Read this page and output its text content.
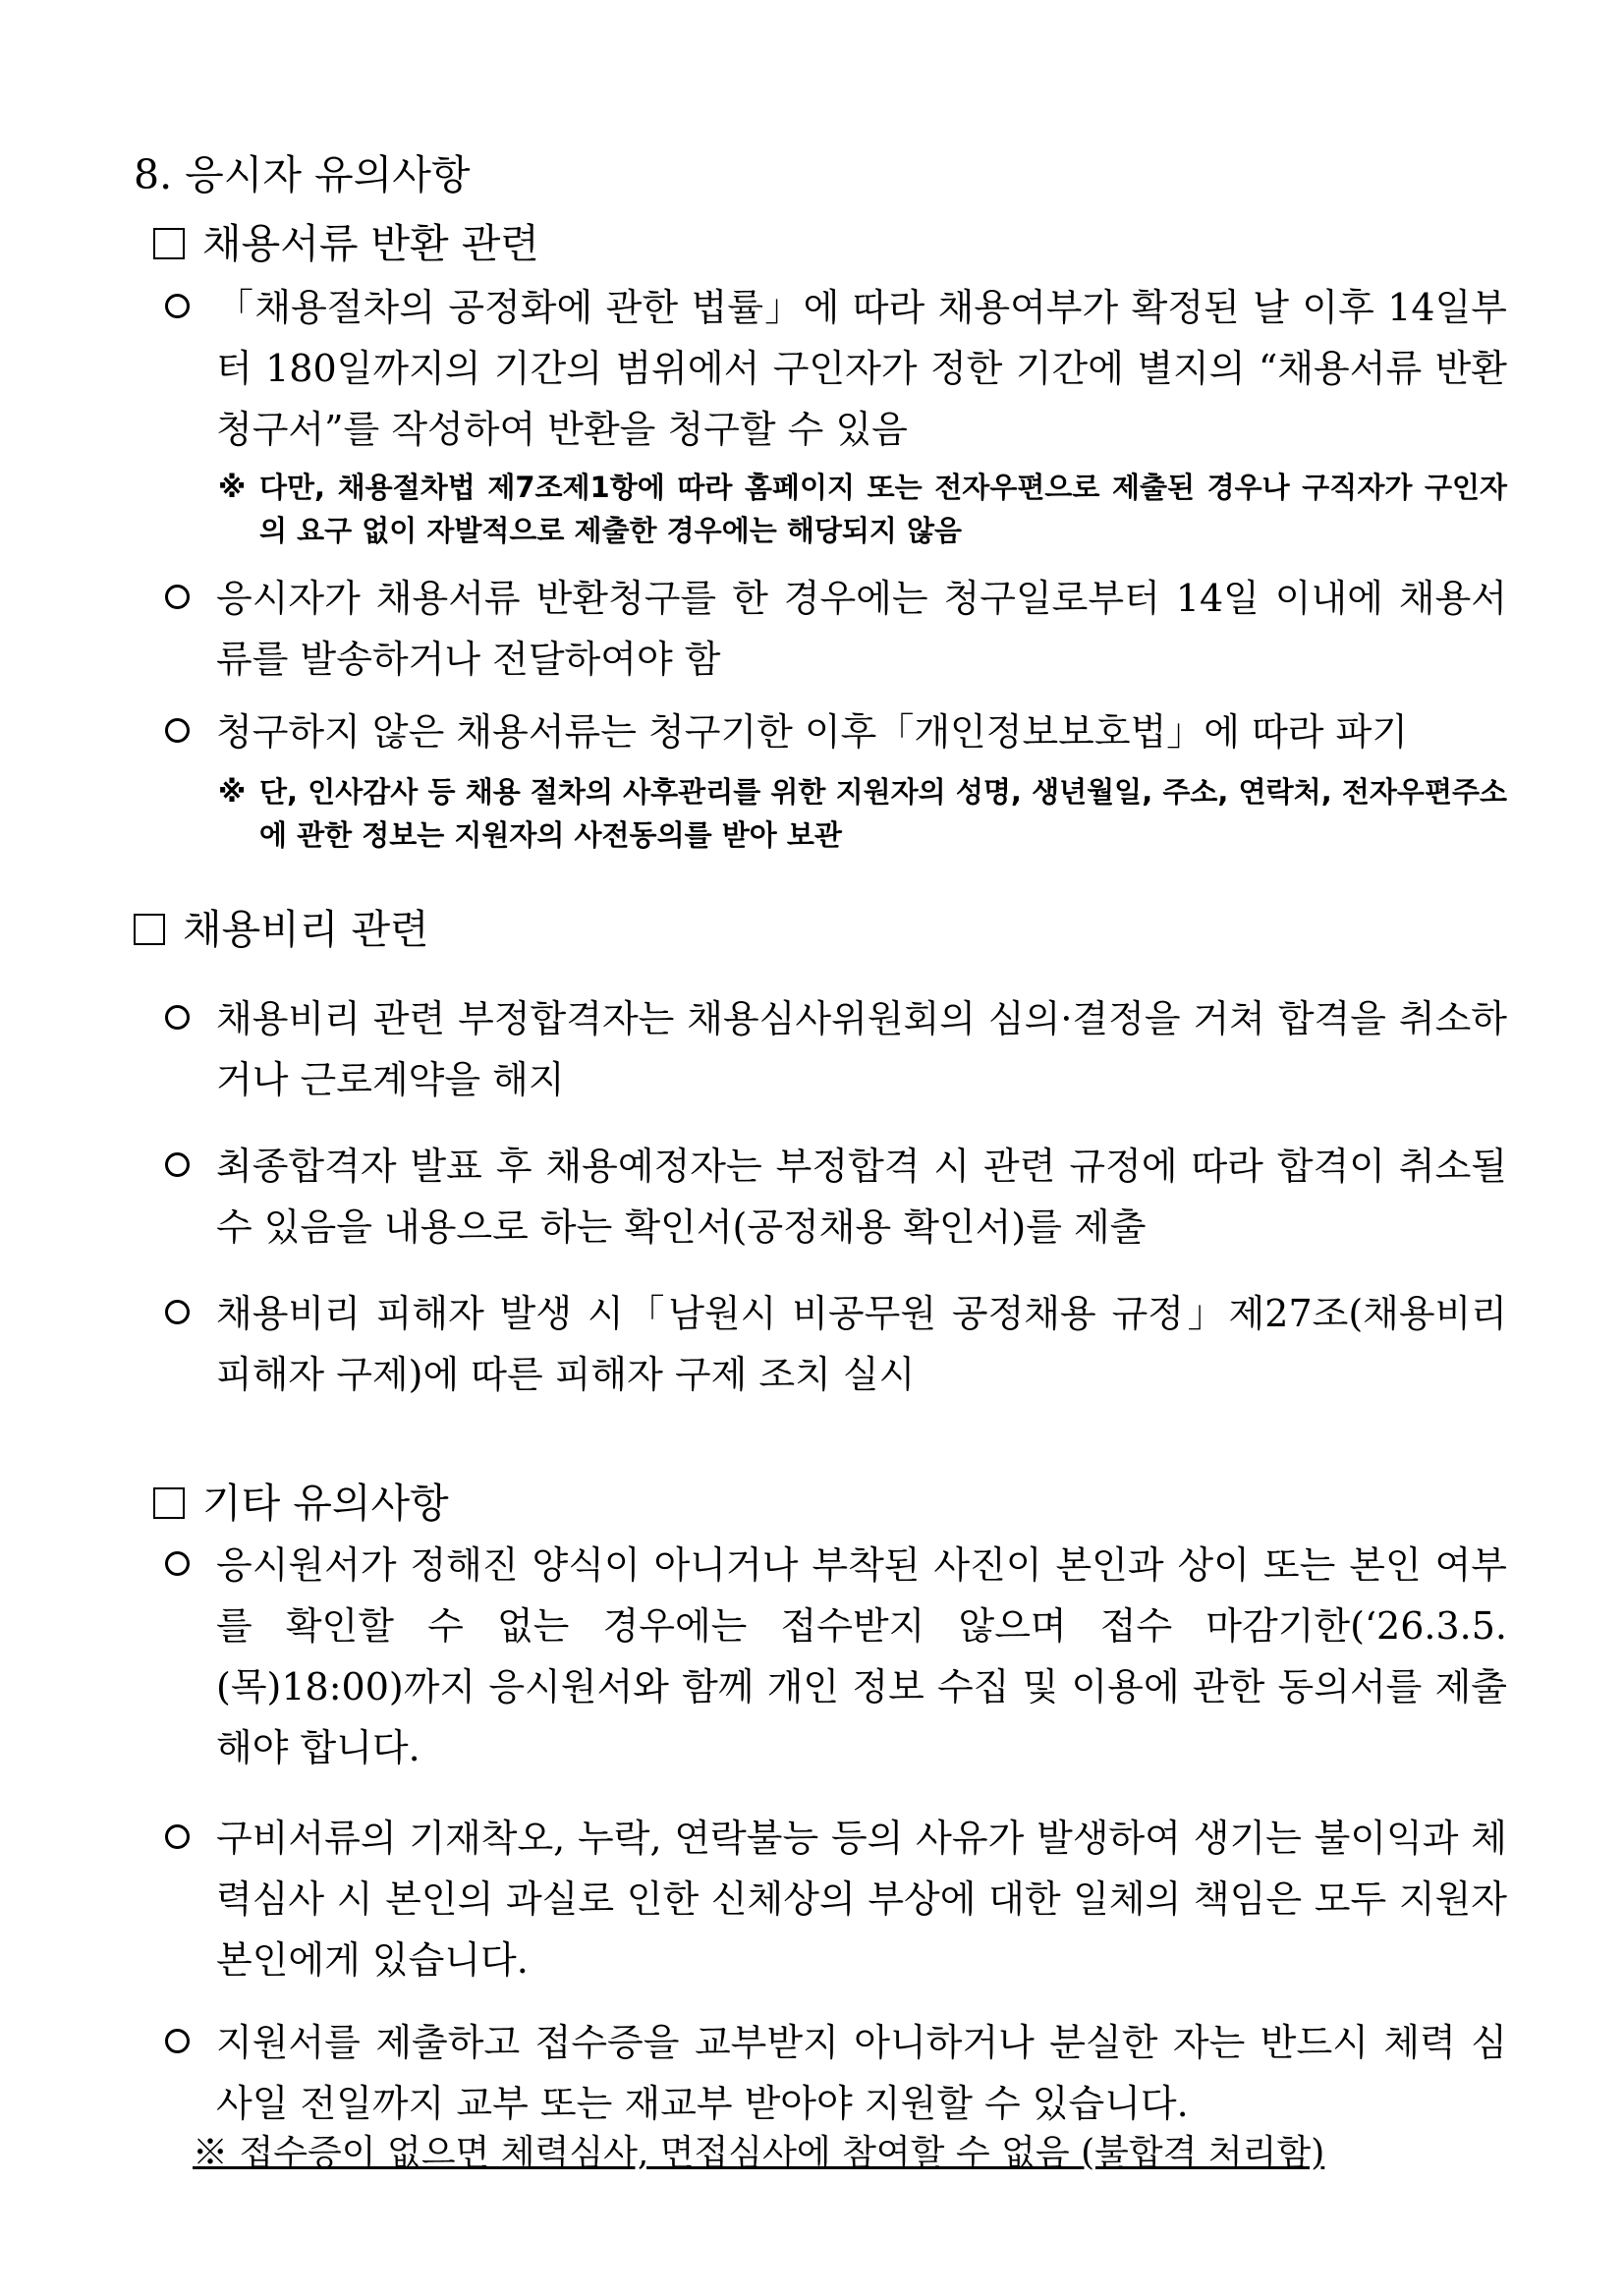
8. 응시자 유의사항
채용서류 반환 관련
「채용절차의 공정화에 관한 법률」에 따라 채용여부가 확정된 날 이후 14일부터 180일까지의 기간의 범위에서 구인자가 정한 기간에 별지의 “채용서류 반환청구서”를 작성하여 반환을 청구할 수 있음
※ 다만, 채용절차법 제7조제1항에 따라 홈페이지 또는 전자우편으로 제출된 경우나 구직자가 구인자의 요구 없이 자발적으로 제출한 경우에는 해당되지 않음
응시자가 채용서류 반환청구를 한 경우에는 청구일로부터 14일 이내에 채용서류를 발송하거나 전달하여야 함
청구하지 않은 채용서류는 청구기한 이후「개인정보보호법」에 따라 파기
※ 단, 인사감사 등 채용 절차의 사후관리를 위한 지원자의 성명, 생년월일, 주소, 연락처, 전자우편주소에 관한 정보는 지원자의 사전동의를 받아 보관
채용비리 관련
채용비리 관련 부정합격자는 채용심사위원회의 심의·결정을 거쳐 합격을 취소하거나 근로계약을 해지
최종합격자 발표 후 채용예정자는 부정합격 시 관련 규정에 따라 합격이 취소될 수 있음을 내용으로 하는 확인서(공정채용 확인서)를 제출
채용비리 피해자 발생 시「남원시 비공무원 공정채용 규정」제27조(채용비리 피해자 구제)에 따른 피해자 구제 조치 실시
기타 유의사항
응시원서가 정해진 양식이 아니거나 부착된 사진이 본인과 상이 또는 본인 여부를 확인할 수 없는 경우에는 접수받지 않으며 접수 마감기한(‘26.3.5.(목)18:00)까지 응시원서와 함께 개인 정보 수집 및 이용에 관한 동의서를 제출해야 합니다.
구비서류의 기재착오, 누락, 연락불능 등의 사유가 발생하여 생기는 불이익과 체력심사 시 본인의 과실로 인한 신체상의 부상에 대한 일체의 책임은 모두 지원자 본인에게 있습니다.
지원서를 제출하고 접수증을 교부받지 아니하거나 분실한 자는 반드시 체력 심사일 전일까지 교부 또는 재교부 받아야 지원할 수 있습니다.
※ 접수증이 없으면 체력심사, 면접심사에 참여할 수 없음 (불합격 처리함)
